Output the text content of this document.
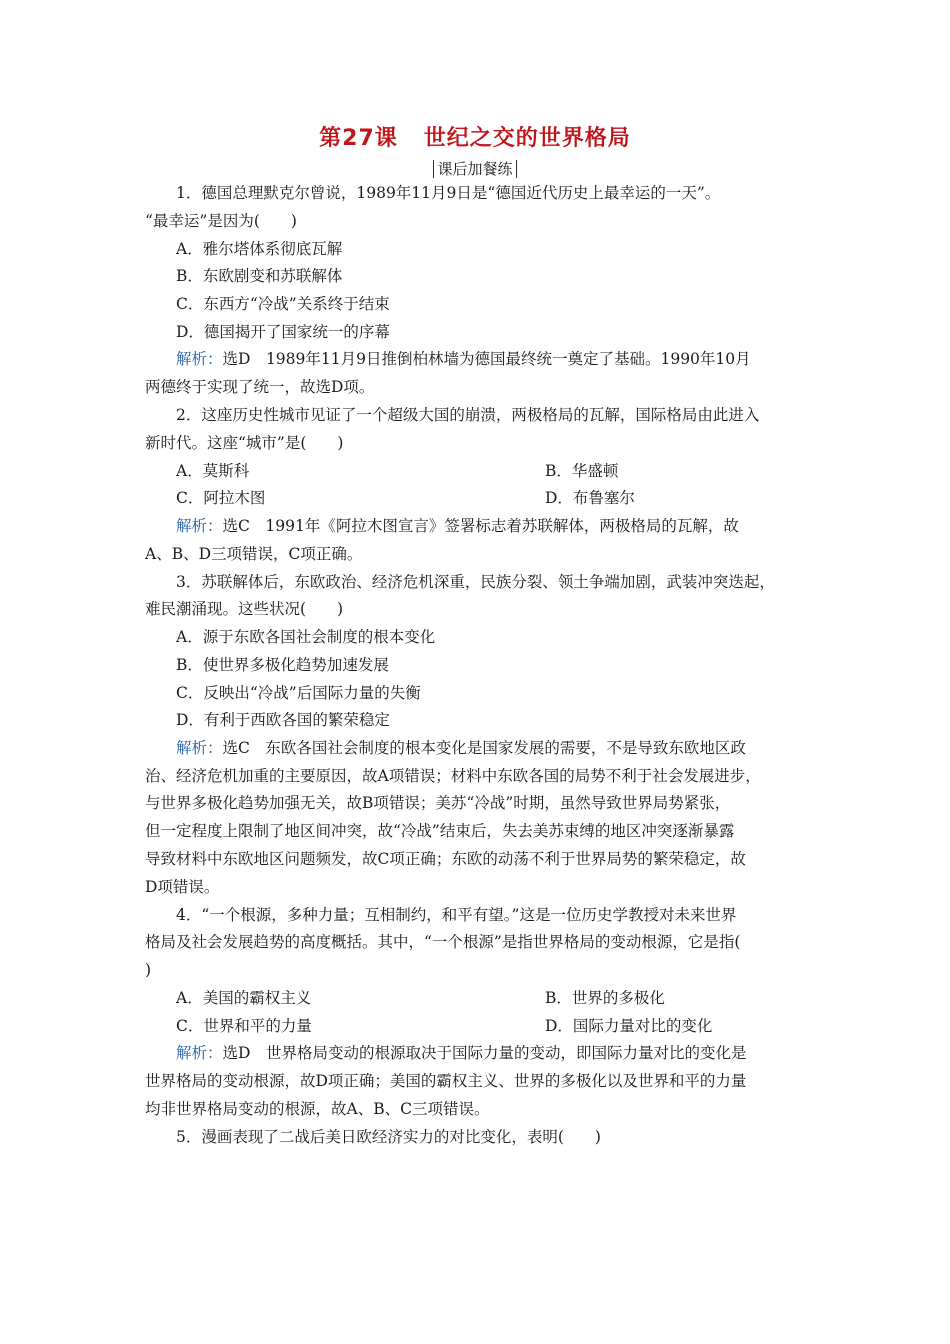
第27课 世纪之交的世界格局
课后加餐练
1．德国总理默克尔曾说，1989年11月9日是“德国近代历史上最幸运的一天”。
“最幸运”是因为(　　)
A．雅尔塔体系彻底瓦解
B．东欧剧变和苏联解体
C．东西方“冷战”关系终于结束
D．德国揭开了国家统一的序幕
解析：选D　1989年11月9日推倒柏林墙为德国最终统一奠定了基础。1990年10月
两德终于实现了统一，故选D项。
2．这座历史性城市见证了一个超级大国的崩溃，两极格局的瓦解，国际格局由此进入
新时代。这座“城市”是(　　)
A．莫斯科	B．华盛顿
C．阿拉木图	D．布鲁塞尔
解析：选C　1991年《阿拉木图宣言》签署标志着苏联解体，两极格局的瓦解，故
A、B、D三项错误，C项正确。
3．苏联解体后，东欧政治、经济危机深重，民族分裂、领土争端加剧，武装冲突迭起，
难民潮涌现。这些状况(　　)
A．源于东欧各国社会制度的根本变化
B．使世界多极化趋势加速发展
C．反映出“冷战”后国际力量的失衡
D．有利于西欧各国的繁荣稳定
解析：选C　东欧各国社会制度的根本变化是国家发展的需要，不是导致东欧地区政
治、经济危机加重的主要原因，故A项错误；材料中东欧各国的局势不利于社会发展进步，
与世界多极化趋势加强无关，故B项错误；美苏“冷战”时期，虽然导致世界局势紧张，
但一定程度上限制了地区间冲突，故“冷战”结束后，失去美苏束缚的地区冲突逐渐暴露
导致材料中东欧地区问题频发，故C项正确；东欧的动荡不利于世界局势的繁荣稳定，故
D项错误。
4．“一个根源，多种力量；互相制约，和平有望。”这是一位历史学教授对未来世界
格局及社会发展趋势的高度概括。其中，“一个根源”是指世界格局的变动根源，它是指(
)
A．美国的霸权主义	B．世界的多极化
C．世界和平的力量	D．国际力量对比的变化
解析：选D　世界格局变动的根源取决于国际力量的变动，即国际力量对比的变化是
世界格局的变动根源，故D项正确；美国的霸权主义、世界的多极化以及世界和平的力量
均非世界格局变动的根源，故A、B、C三项错误。
5．漫画表现了二战后美日欧经济实力的对比变化，表明(　　)
